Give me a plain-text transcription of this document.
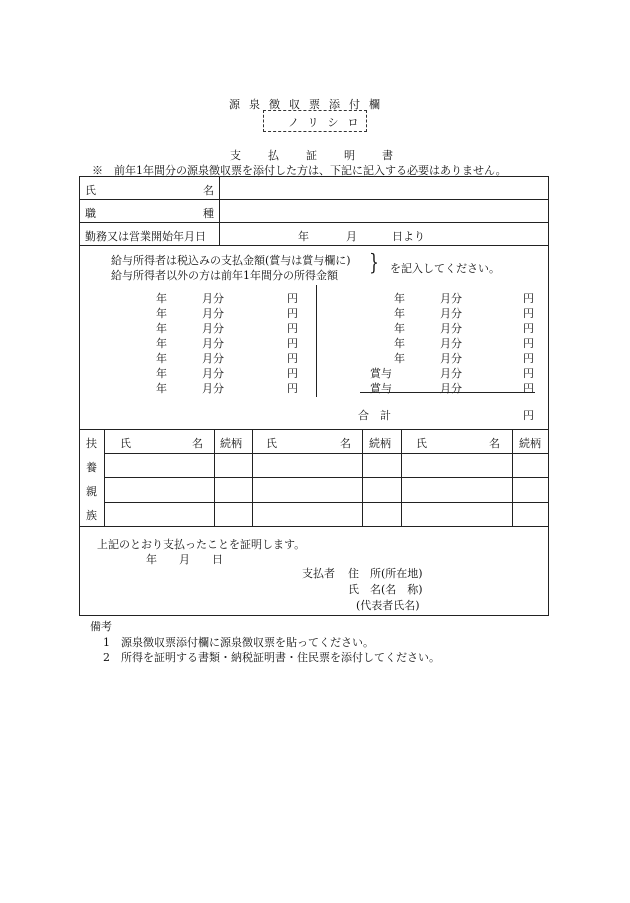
源泉徴収票添付欄
ノリシロ
支払証明書
※　前年1年間分の源泉徴収票を添付した方は、下記に記入する必要はありません。
氏	名
職	種
勤務又は営業開始年月日	年	月	日より
給与所得者は税込みの支払金額(賞与は賞与欄に)
給与所得者以外の方は前年1年間分の所得金額 } を記入してください。
年	月分	円
年	月分	円
年	月分	円
年	月分	円
年	月分	円
年	月分	円
年	月分	円
年	月分	円
年	月分	円
年	月分	円
年	月分	円
年	月分	円
賞与	月分	円
賞与	月分	円
合　計	円
扶
養
親
族
氏	名 続柄 氏	名 続柄 氏	名 続柄
上記のとおり支払ったことを証明します。
年　　月　　日
支払者 住　所(所在地)
氏　名(名　称)
(代表者氏名)
備考
1　源泉徴収票添付欄に源泉徴収票を貼ってください。
2　所得を証明する書類・納税証明書・住民票を添付してください。
